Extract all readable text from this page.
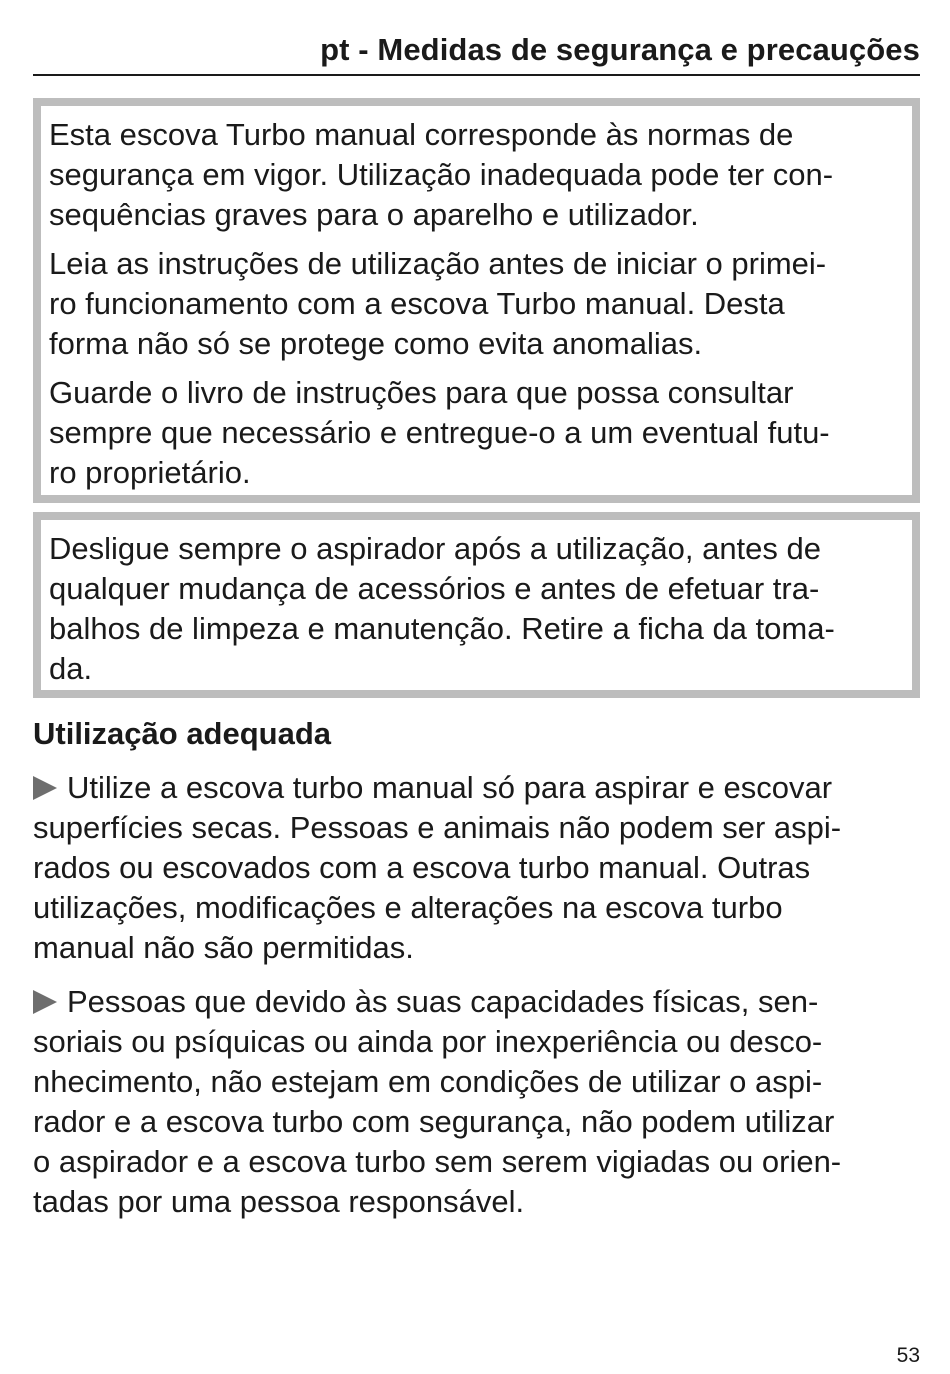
pt - Medidas de segurança e precauções

Esta escova Turbo manual corresponde às normas de
segurança em vigor. Utilização inadequada pode ter con-
sequências graves para o aparelho e utilizador.

Leia as instruções de utilização antes de iniciar o primei-
ro funcionamento com a escova Turbo manual. Desta
forma não só se protege como evita anomalias.

Guarde o livro de instruções para que possa consultar
sempre que necessário e entregue-o a um eventual futu-
ro proprietário.

Desligue sempre o aspirador após a utilização, antes de
qualquer mudança de acessórios e antes de efetuar tra-
balhos de limpeza e manutenção. Retire a ficha da toma-
da.

Utilização adequada
Utilize a escova turbo manual só para aspirar e escovar
superfícies secas. Pessoas e animais não podem ser aspi-
rados ou escovados com a escova turbo manual. Outras
utilizações, modificações e alterações na escova turbo
manual não são permitidas.
Pessoas que devido às suas capacidades físicas, sen-
soriais ou psíquicas ou ainda por inexperiência ou desco-
nhecimento, não estejam em condições de utilizar o aspi-
rador e a escova turbo com segurança, não podem utilizar
o aspirador e a escova turbo sem serem vigiadas ou orien-
tadas por uma pessoa responsável.
53
